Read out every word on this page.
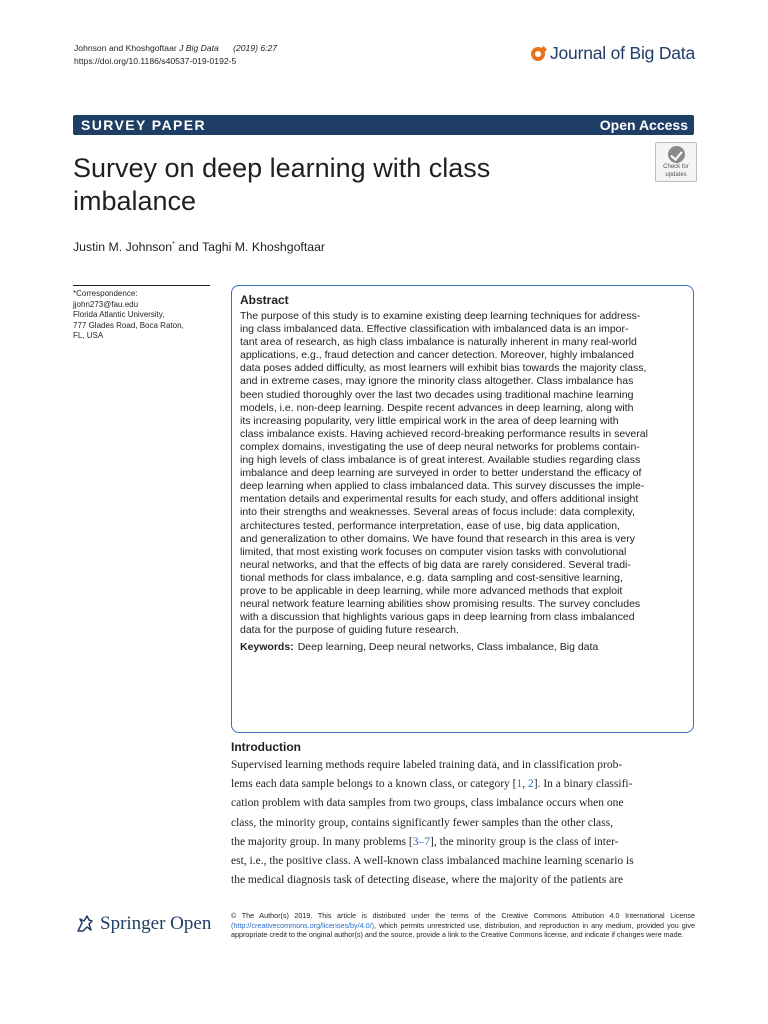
Johnson and Khoshgoftaar J Big Data (2019) 6:27
https://doi.org/10.1186/s40537-019-0192-5	Journal of Big Data
SURVEY PAPER	Open Access
Survey on deep learning with class imbalance
Check for
updates
Justin M. Johnson* and Taghi M. Khoshgoftaar
*Correspondence:
jjohn273@fau.edu
Florida Atlantic University,
777 Glades Road, Boca Raton,
FL, USA
Abstract
The purpose of this study is to examine existing deep learning techniques for address-
ing class imbalanced data. Effective classification with imbalanced data is an impor-
tant area of research, as high class imbalance is naturally inherent in many real-world
applications, e.g., fraud detection and cancer detection. Moreover, highly imbalanced
data poses added difficulty, as most learners will exhibit bias towards the majority class,
and in extreme cases, may ignore the minority class altogether. Class imbalance has
been studied thoroughly over the last two decades using traditional machine learning
models, i.e. non-deep learning. Despite recent advances in deep learning, along with
its increasing popularity, very little empirical work in the area of deep learning with
class imbalance exists. Having achieved record-breaking performance results in several
complex domains, investigating the use of deep neural networks for problems contain-
ing high levels of class imbalance is of great interest. Available studies regarding class
imbalance and deep learning are surveyed in order to better understand the efficacy of
deep learning when applied to class imbalanced data. This survey discusses the imple-
mentation details and experimental results for each study, and offers additional insight
into their strengths and weaknesses. Several areas of focus include: data complexity,
architectures tested, performance interpretation, ease of use, big data application,
and generalization to other domains. We have found that research in this area is very
limited, that most existing work focuses on computer vision tasks with convolutional
neural networks, and that the effects of big data are rarely considered. Several tradi-
tional methods for class imbalance, e.g. data sampling and cost-sensitive learning,
prove to be applicable in deep learning, while more advanced methods that exploit
neural network feature learning abilities show promising results. The survey concludes
with a discussion that highlights various gaps in deep learning from class imbalanced
data for the purpose of guiding future research.
Keywords: Deep learning, Deep neural networks, Class imbalance, Big data
Introduction
Supervised learning methods require labeled training data, and in classification prob-
lems each data sample belongs to a known class, or category [1, 2]. In a binary classifi-
cation problem with data samples from two groups, class imbalance occurs when one
class, the minority group, contains significantly fewer samples than the other class,
the majority group. In many problems [3–7], the minority group is the class of inter-
est, i.e., the positive class. A well-known class imbalanced machine learning scenario is
the medical diagnosis task of detecting disease, where the majority of the patients are
Springer Open	© The Author(s) 2019. This article is distributed under the terms of the Creative Commons Attribution 4.0 International License (http://creativecommons.org/licenses/by/4.0/), which permits unrestricted use, distribution, and reproduction in any medium, provided you give appropriate credit to the original author(s) and the source, provide a link to the Creative Commons license, and indicate if changes were made.
